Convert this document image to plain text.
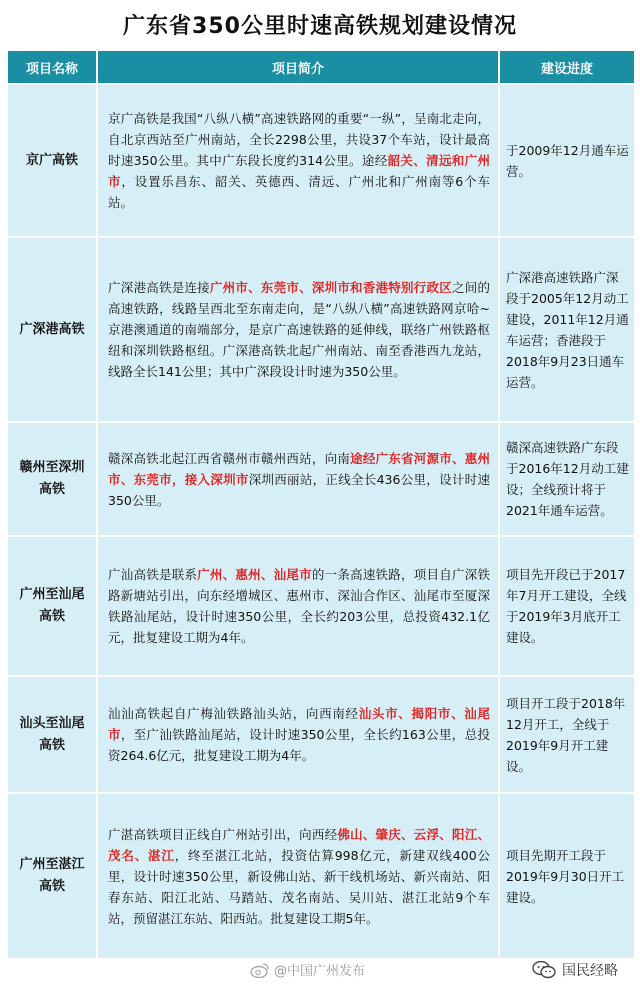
广东省350公里时速高铁规划建设情况
项目名称	项目简介	建设进度
京广高铁	京广高铁是我国“八纵八横”高速铁路网的重要“一纵”，呈南北走向，自北京西站至广州南站，全长2298公里，共设37个车站，设计最高时速350公里。其中广东段长度约314公里。途经韶关、清远和广州市，设置乐昌东、韶关、英德西、清远、广州北和广州南等6个车站。	于2009年12月通车运营。
广深港高铁	广深港高铁是连接广州市、东莞市、深圳市和香港特别行政区之间的高速铁路，线路呈西北至东南走向，是“八纵八横”高速铁路网京哈~京港澳通道的南端部分，是京广高速铁路的延伸线，联络广州铁路枢纽和深圳铁路枢纽。广深港高铁北起广州南站、南至香港西九龙站，线路全长141公里；其中广深段设计时速为350公里。	广深港高速铁路广深段于2005年12月动工建设，2011年12月通车运营；香港段于2018年9月23日通车运营。
赣州至深圳高铁	赣深高铁北起江西省赣州市赣州西站，向南途经广东省河源市、惠州市、东莞市，接入深圳市深圳西丽站，正线全长436公里，设计时速350公里。	赣深高速铁路广东段于2016年12月动工建设；全线预计将于2021年通车运营。
广州至汕尾高铁	广汕高铁是联系广州、惠州、汕尾市的一条高速铁路，项目自广深铁路新塘站引出，向东经增城区、惠州市、深汕合作区、汕尾市至厦深铁路汕尾站，设计时速350公里，全长约203公里，总投资432.1亿元，批复建设工期为4年。	项目先开段已于2017年7月开工建设，全线于2019年3月底开工建设。
汕头至汕尾高铁	汕汕高铁起自广梅汕铁路汕头站，向西南经汕头市、揭阳市、汕尾市，至广汕铁路汕尾站，设计时速350公里，全长约163公里，总投资264.6亿元，批复建设工期为4年。	项目开工段于2018年12月开工，全线于2019年9月开工建设。
广州至湛江高铁	广湛高铁项目正线自广州站引出，向西经佛山、肇庆、云浮、阳江、茂名、湛江，终至湛江北站，投资估算998亿元，新建双线400公里，设计时速350公里，新设佛山站、新干线机场站、新兴南站、阳春东站、阳江北站、马踏站、茂名南站、吴川站、湛江北站9个车站，预留湛江东站、阳西站。批复建设工期5年。	项目先期开工段于2019年9月30日开工建设。
@中国广州发布	国民经略
